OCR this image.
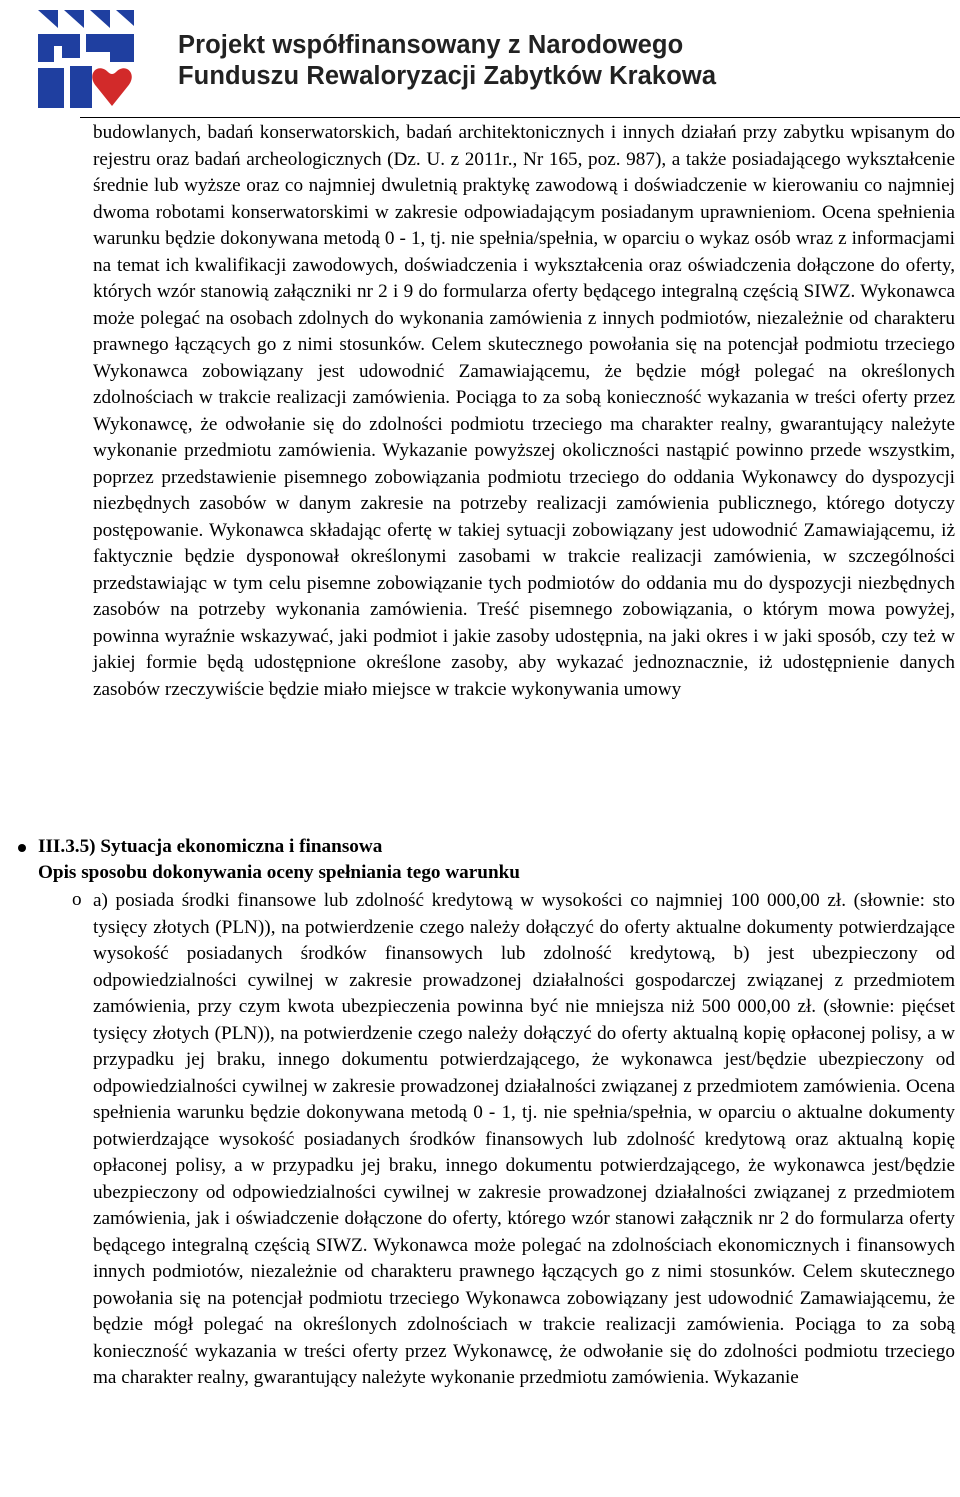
Projekt współfinansowany z Narodowego
Funduszu Rewaloryzacji Zabytków Krakowa

budowlanych, badań konserwatorskich, badań architektonicznych i innych działań przy zabytku wpisanym do rejestru oraz badań archeologicznych (Dz. U. z 2011r., Nr 165, poz. 987), a także posiadającego wykształcenie średnie lub wyższe oraz co najmniej dwuletnią praktykę zawodową i doświadczenie w kierowaniu co najmniej dwoma robotami konserwatorskimi w zakresie odpowiadającym posiadanym uprawnieniom. Ocena spełnienia warunku będzie dokonywana metodą 0 - 1, tj. nie spełnia/spełnia, w oparciu o wykaz osób wraz z informacjami na temat ich kwalifikacji zawodowych, doświadczenia i wykształcenia oraz oświadczenia dołączone do oferty, których wzór stanowią załączniki nr 2 i 9 do formularza oferty będącego integralną częścią SIWZ. Wykonawca może polegać na osobach zdolnych do wykonania zamówienia z innych podmiotów, niezależnie od charakteru prawnego łączących go z nimi stosunków. Celem skutecznego powołania się na potencjał podmiotu trzeciego Wykonawca zobowiązany jest udowodnić Zamawiającemu, że będzie mógł polegać na określonych zdolnościach w trakcie realizacji zamówienia. Pociąga to za sobą konieczność wykazania w treści oferty przez Wykonawcę, że odwołanie się do zdolności podmiotu trzeciego ma charakter realny, gwarantujący należyte wykonanie przedmiotu zamówienia. Wykazanie powyższej okoliczności nastąpić powinno przede wszystkim, poprzez przedstawienie pisemnego zobowiązania podmiotu trzeciego do oddania Wykonawcy do dyspozycji niezbędnych zasobów w danym zakresie na potrzeby realizacji zamówienia publicznego, którego dotyczy postępowanie. Wykonawca składając ofertę w takiej sytuacji zobowiązany jest udowodnić Zamawiającemu, iż faktycznie będzie dysponował określonymi zasobami w trakcie realizacji zamówienia, w szczególności przedstawiając w tym celu pisemne zobowiązanie tych podmiotów do oddania mu do dyspozycji niezbędnych zasobów na potrzeby wykonania zamówienia. Treść pisemnego zobowiązania, o którym mowa powyżej, powinna wyraźnie wskazywać, jaki podmiot i jakie zasoby udostępnia, na jaki okres i w jaki sposób, czy też w jakiej formie będą udostępnione określone zasoby, aby wykazać jednoznacznie, iż udostępnienie danych zasobów rzeczywiście będzie miało miejsce w trakcie wykonywania umowy

III.3.5) Sytuacja ekonomiczna i finansowa
Opis sposobu dokonywania oceny spełniania tego warunku
o a) posiada środki finansowe lub zdolność kredytową w wysokości co najmniej 100 000,00 zł. (słownie: sto tysięcy złotych (PLN)), na potwierdzenie czego należy dołączyć do oferty aktualne dokumenty potwierdzające wysokość posiadanych środków finansowych lub zdolność kredytową, b) jest ubezpieczony od odpowiedzialności cywilnej w zakresie prowadzonej działalności gospodarczej związanej z przedmiotem zamówienia, przy czym kwota ubezpieczenia powinna być nie mniejsza niż 500 000,00 zł. (słownie: pięćset tysięcy złotych (PLN)), na potwierdzenie czego należy dołączyć do oferty aktualną kopię opłaconej polisy, a w przypadku jej braku, innego dokumentu potwierdzającego, że wykonawca jest/będzie ubezpieczony od odpowiedzialności cywilnej w zakresie prowadzonej działalności związanej z przedmiotem zamówienia. Ocena spełnienia warunku będzie dokonywana metodą 0 - 1, tj. nie spełnia/spełnia, w oparciu o aktualne dokumenty potwierdzające wysokość posiadanych środków finansowych lub zdolność kredytową oraz aktualną kopię opłaconej polisy, a w przypadku jej braku, innego dokumentu potwierdzającego, że wykonawca jest/będzie ubezpieczony od odpowiedzialności cywilnej w zakresie prowadzonej działalności związanej z przedmiotem zamówienia, jak i oświadczenie dołączone do oferty, którego wzór stanowi załącznik nr 2 do formularza oferty będącego integralną częścią SIWZ. Wykonawca może polegać na zdolnościach ekonomicznych i finansowych innych podmiotów, niezależnie od charakteru prawnego łączących go z nimi stosunków. Celem skutecznego powołania się na potencjał podmiotu trzeciego Wykonawca zobowiązany jest udowodnić Zamawiającemu, że będzie mógł polegać na określonych zdolnościach w trakcie realizacji zamówienia. Pociąga to za sobą konieczność wykazania w treści oferty przez Wykonawcę, że odwołanie się do zdolności podmiotu trzeciego ma charakter realny, gwarantujący należyte wykonanie przedmiotu zamówienia. Wykazanie
